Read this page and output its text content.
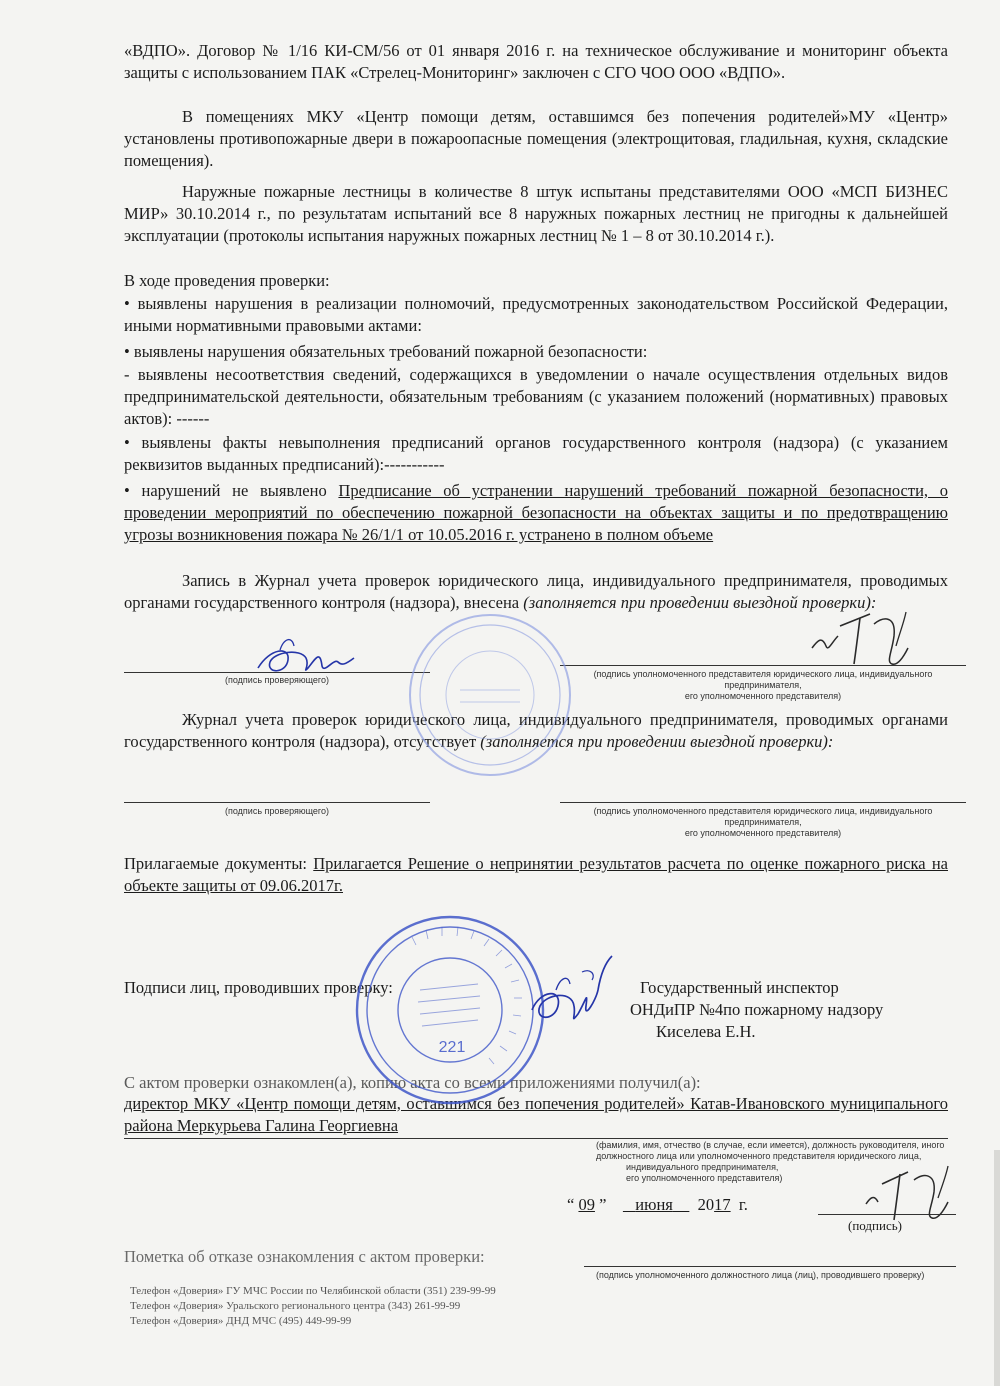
«ВДПО». Договор № 1/16 КИ-СМ/56 от 01 января 2016 г. на техническое обслуживание и мониторинг объекта защиты с использованием ПАК «Стрелец-Мониторинг» заключен с СГО ЧОО ООО «ВДПО».
В помещениях МКУ «Центр помощи детям, оставшимся без попечения родителей»МУ «Центр» установлены противопожарные двери в пожароопасные помещения (электрощитовая, гладильная, кухня, складские помещения).
Наружные пожарные лестницы в количестве 8 штук испытаны представителями ООО «МСП БИЗНЕС МИР» 30.10.2014 г., по результатам испытаний все 8 наружных пожарных лестниц не пригодны к дальнейшей эксплуатации (протоколы испытания наружных пожарных лестниц № 1 – 8 от 30.10.2014 г.).
В ходе проведения проверки:
• выявлены нарушения в реализации полномочий, предусмотренных законодательством Российской Федерации, иными нормативными правовыми актами:
• выявлены нарушения обязательных требований пожарной безопасности:
- выявлены несоответствия сведений, содержащихся в уведомлении о начале осуществления отдельных видов предпринимательской деятельности, обязательным требованиям (с указанием положений (нормативных) правовых актов): ------
• выявлены факты невыполнения предписаний органов государственного контроля (надзора) (с указанием реквизитов выданных предписаний):-----------
• нарушений не выявлено Предписание об устранении нарушений требований пожарной безопасности, о проведении мероприятий по обеспечению пожарной безопасности на объектах защиты и по предотвращению угрозы возникновения пожара № 26/1/1 от 10.05.2016 г. устранено в полном объеме
Запись в Журнал учета проверок юридического лица, индивидуального предпринимателя, проводимых органами государственного контроля (надзора), внесена (заполняется при проведении выездной проверки):
(подпись проверяющего)
(подпись уполномоченного представителя юридического лица, индивидуального
предпринимателя,
его уполномоченного представителя)
Журнал учета проверок юридического лица, индивидуального предпринимателя, проводимых органами государственного контроля (надзора), отсутствует (заполняется при проведении выездной проверки):
(подпись проверяющего)	(подпись уполномоченного представителя юридического лица, индивидуального
предпринимателя,
его уполномоченного представителя)
Прилагаемые документы: Прилагается Решение о непринятии результатов расчета по оценке пожарного риска на объекте защиты от 09.06.2017г.
Подписи лиц, проводивших проверку:	Государственный инспектор
ОНДиПР №4по пожарному надзору
Киселева Е.Н.
С актом проверки ознакомлен(а), копию акта со всеми приложениями получил(а):
директор МКУ «Центр помощи детям, оставшимся без попечения родителей» Катав-Ивановского муниципального района Меркурьева Галина Георгиевна
(фамилия, имя, отчество (в случае, если имеется), должность руководителя, иного
должностного лица или уполномоченного представителя юридического лица,
индивидуального предпринимателя,
его уполномоченного представителя)
“ 09 ”       июня 2017 г.
(подпись)
Пометка об отказе ознакомления с актом проверки:
(подпись уполномоченного должностного лица (лиц), проводившего проверку)
Телефон «Доверия» ГУ МЧС России по Челябинской области (351) 239-99-99
Телефон «Доверия» Уральского регионального центра (343) 261-99-99
Телефон «Доверия» ДНД МЧС (495) 449-99-99
221
